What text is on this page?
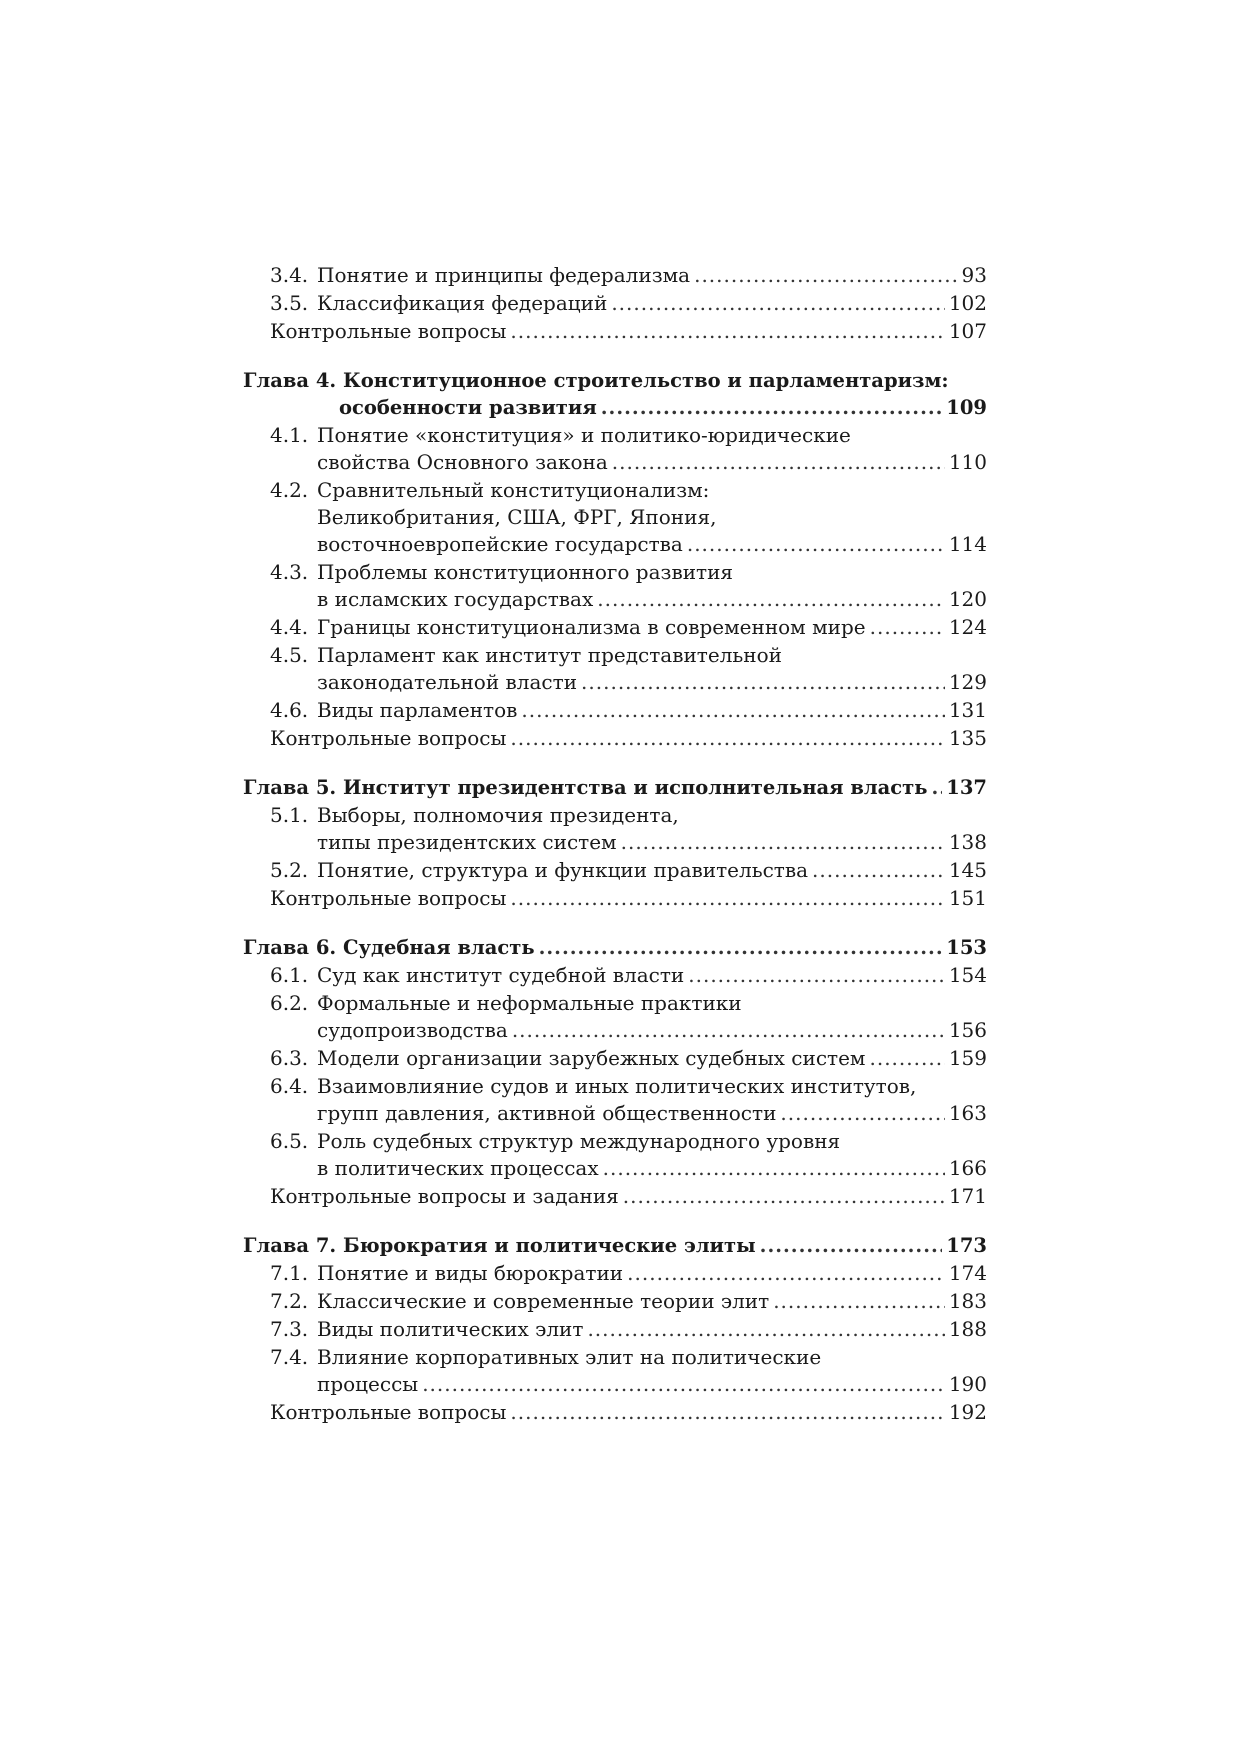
3.4. Понятие и принципы федерализма .....	93
3.5. Классификация федераций .....	102
Контрольные вопросы .....	107
Глава 4. Конституционное строительство и парламентаризм:
особенности развития .....	109
4.1. Понятие «конституция» и политико-юридические
свойства Основного закона .....	110
4.2. Сравнительный конституционализм:
Великобритания, США, ФРГ, Япония,
восточноевропейские государства .....	114
4.3. Проблемы конституционного развития
в исламских государствах .....	120
4.4. Границы конституционализма в современном мире .....	124
4.5. Парламент как институт представительной
законодательной власти .....	129
4.6. Виды парламентов .....	131
Контрольные вопросы .....	135
Глава 5. Институт президентства и исполнительная власть ..... 137
5.1. Выборы, полномочия президента,
типы президентских систем .....	138
5.2. Понятие, структура и функции правительства .....	145
Контрольные вопросы .....	151
Глава 6. Судебная власть .....	153
6.1. Суд как институт судебной власти .....	154
6.2. Формальные и неформальные практики
судопроизводства .....	156
6.3. Модели организации зарубежных судебных систем .....	159
6.4. Взаимовлияние судов и иных политических институтов,
групп давления, активной общественности .....	163
6.5. Роль судебных структур международного уровня
в политических процессах .....	166
Контрольные вопросы и задания .....	171
Глава 7. Бюрократия и политические элиты .....	173
7.1. Понятие и виды бюрократии .....	174
7.2. Классические и современные теории элит .....	183
7.3. Виды политических элит .....	188
7.4. Влияние корпоративных элит на политические
процессы .....	190
Контрольные вопросы .....	192
